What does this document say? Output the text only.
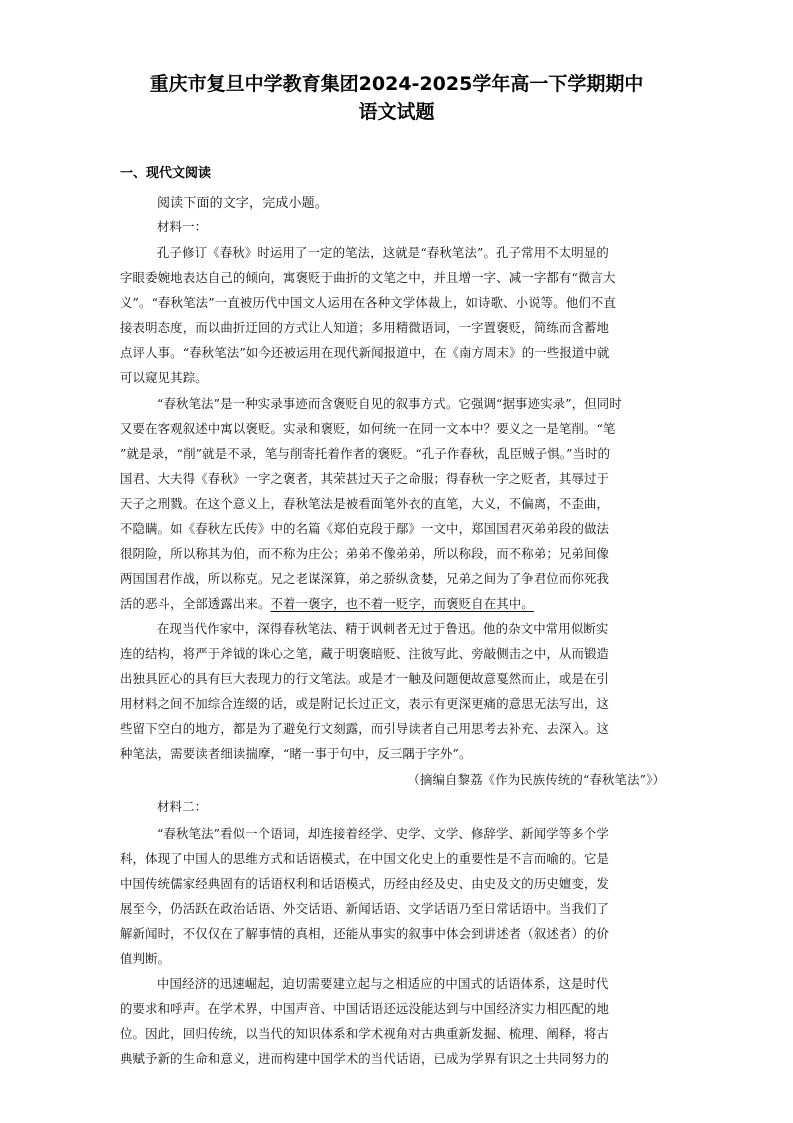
重庆市复旦中学教育集团2024-2025学年高一下学期期中
语文试题
一、现代文阅读
阅读下面的文字，完成小题。
材料一：
孔子修订《春秋》时运用了一定的笔法，这就是“春秋笔法”。孔子常用不太明显的
字眼委婉地表达自己的倾向，寓褒贬于曲折的文笔之中，并且增一字、减一字都有“微言大
义”。“春秋笔法”一直被历代中国文人运用在各种文学体裁上，如诗歌、小说等。他们不直
接表明态度，而以曲折迂回的方式让人知道；多用精微语词，一字置褒贬，简练而含蓄地
点评人事。“春秋笔法”如今还被运用在现代新闻报道中，在《南方周末》的一些报道中就
可以窥见其踪。
“春秋笔法”是一种实录事迹而含褒贬自见的叙事方式。它强调“据事迹实录”，但同时
又要在客观叙述中寓以褒贬。实录和褒贬，如何统一在同一文本中？要义之一是笔削。“笔
”就是录，“削”就是不录，笔与削寄托着作者的褒贬。“孔子作春秋，乱臣贼子惧。”当时的
国君、大夫得《春秋》一字之褒者，其荣甚过天子之命服；得春秋一字之贬者，其辱过于
天子之刑戮。在这个意义上，春秋笔法是被看面笔外衣的直笔，大义，不偏离，不歪曲，
不隐瞒。如《春秋左氏传》中的名篇《郑伯克段于鄢》一文中，郑国国君灭弟弟段的做法
很阴险，所以称其为伯，而不称为庄公；弟弟不像弟弟，所以称段，而不称弟；兄弟间像
两国国君作战，所以称克。兄之老谋深算，弟之骄纵贪婪，兄弟之间为了争君位而你死我
活的恶斗，全部透露出来。不着一褒字，也不着一贬字，而褒贬自在其中。
在现当代作家中，深得春秋笔法、精于讽刺者无过于鲁迅。他的杂文中常用似断实
连的结构，将严于斧钺的诛心之笔，藏于明褒暗贬、注彼写此、旁敲侧击之中，从而锻造
出独具匠心的具有巨大表现力的行文笔法。或是才一触及问题便故意戛然而止，或是在引
用材料之间不加综合连缀的话，或是附记长过正文，表示有更深更痛的意思无法写出，这
些留下空白的地方，都是为了避免行文刻露，而引导读者自己用思考去补充、去深入。这
种笔法，需要读者细读揣摩，“睹一事于句中，反三隅于字外”。
（摘编自黎荔《作为民族传统的“春秋笔法”》）
材料二：
“春秋笔法”看似一个语词，却连接着经学、史学、文学、修辞学、新闻学等多个学
科，体现了中国人的思维方式和话语模式，在中国文化史上的重要性是不言而喻的。它是
中国传统儒家经典固有的话语权利和话语模式，历经由经及史、由史及文的历史嬗变，发
展至今，仍活跃在政治话语、外交话语、新闻话语、文学话语乃至日常话语中。当我们了
解新闻时，不仅仅在了解事情的真相，还能从事实的叙事中体会到讲述者（叙述者）的价
值判断。
中国经济的迅速崛起，迫切需要建立起与之相适应的中国式的话语体系，这是时代
的要求和呼声。在学术界，中国声音、中国话语还远没能达到与中国经济实力相匹配的地
位。因此，回归传统，以当代的知识体系和学术视角对古典重新发掘、梳理、阐释，将古
典赋予新的生命和意义，进而构建中国学术的当代话语，已成为学界有识之士共同努力的
